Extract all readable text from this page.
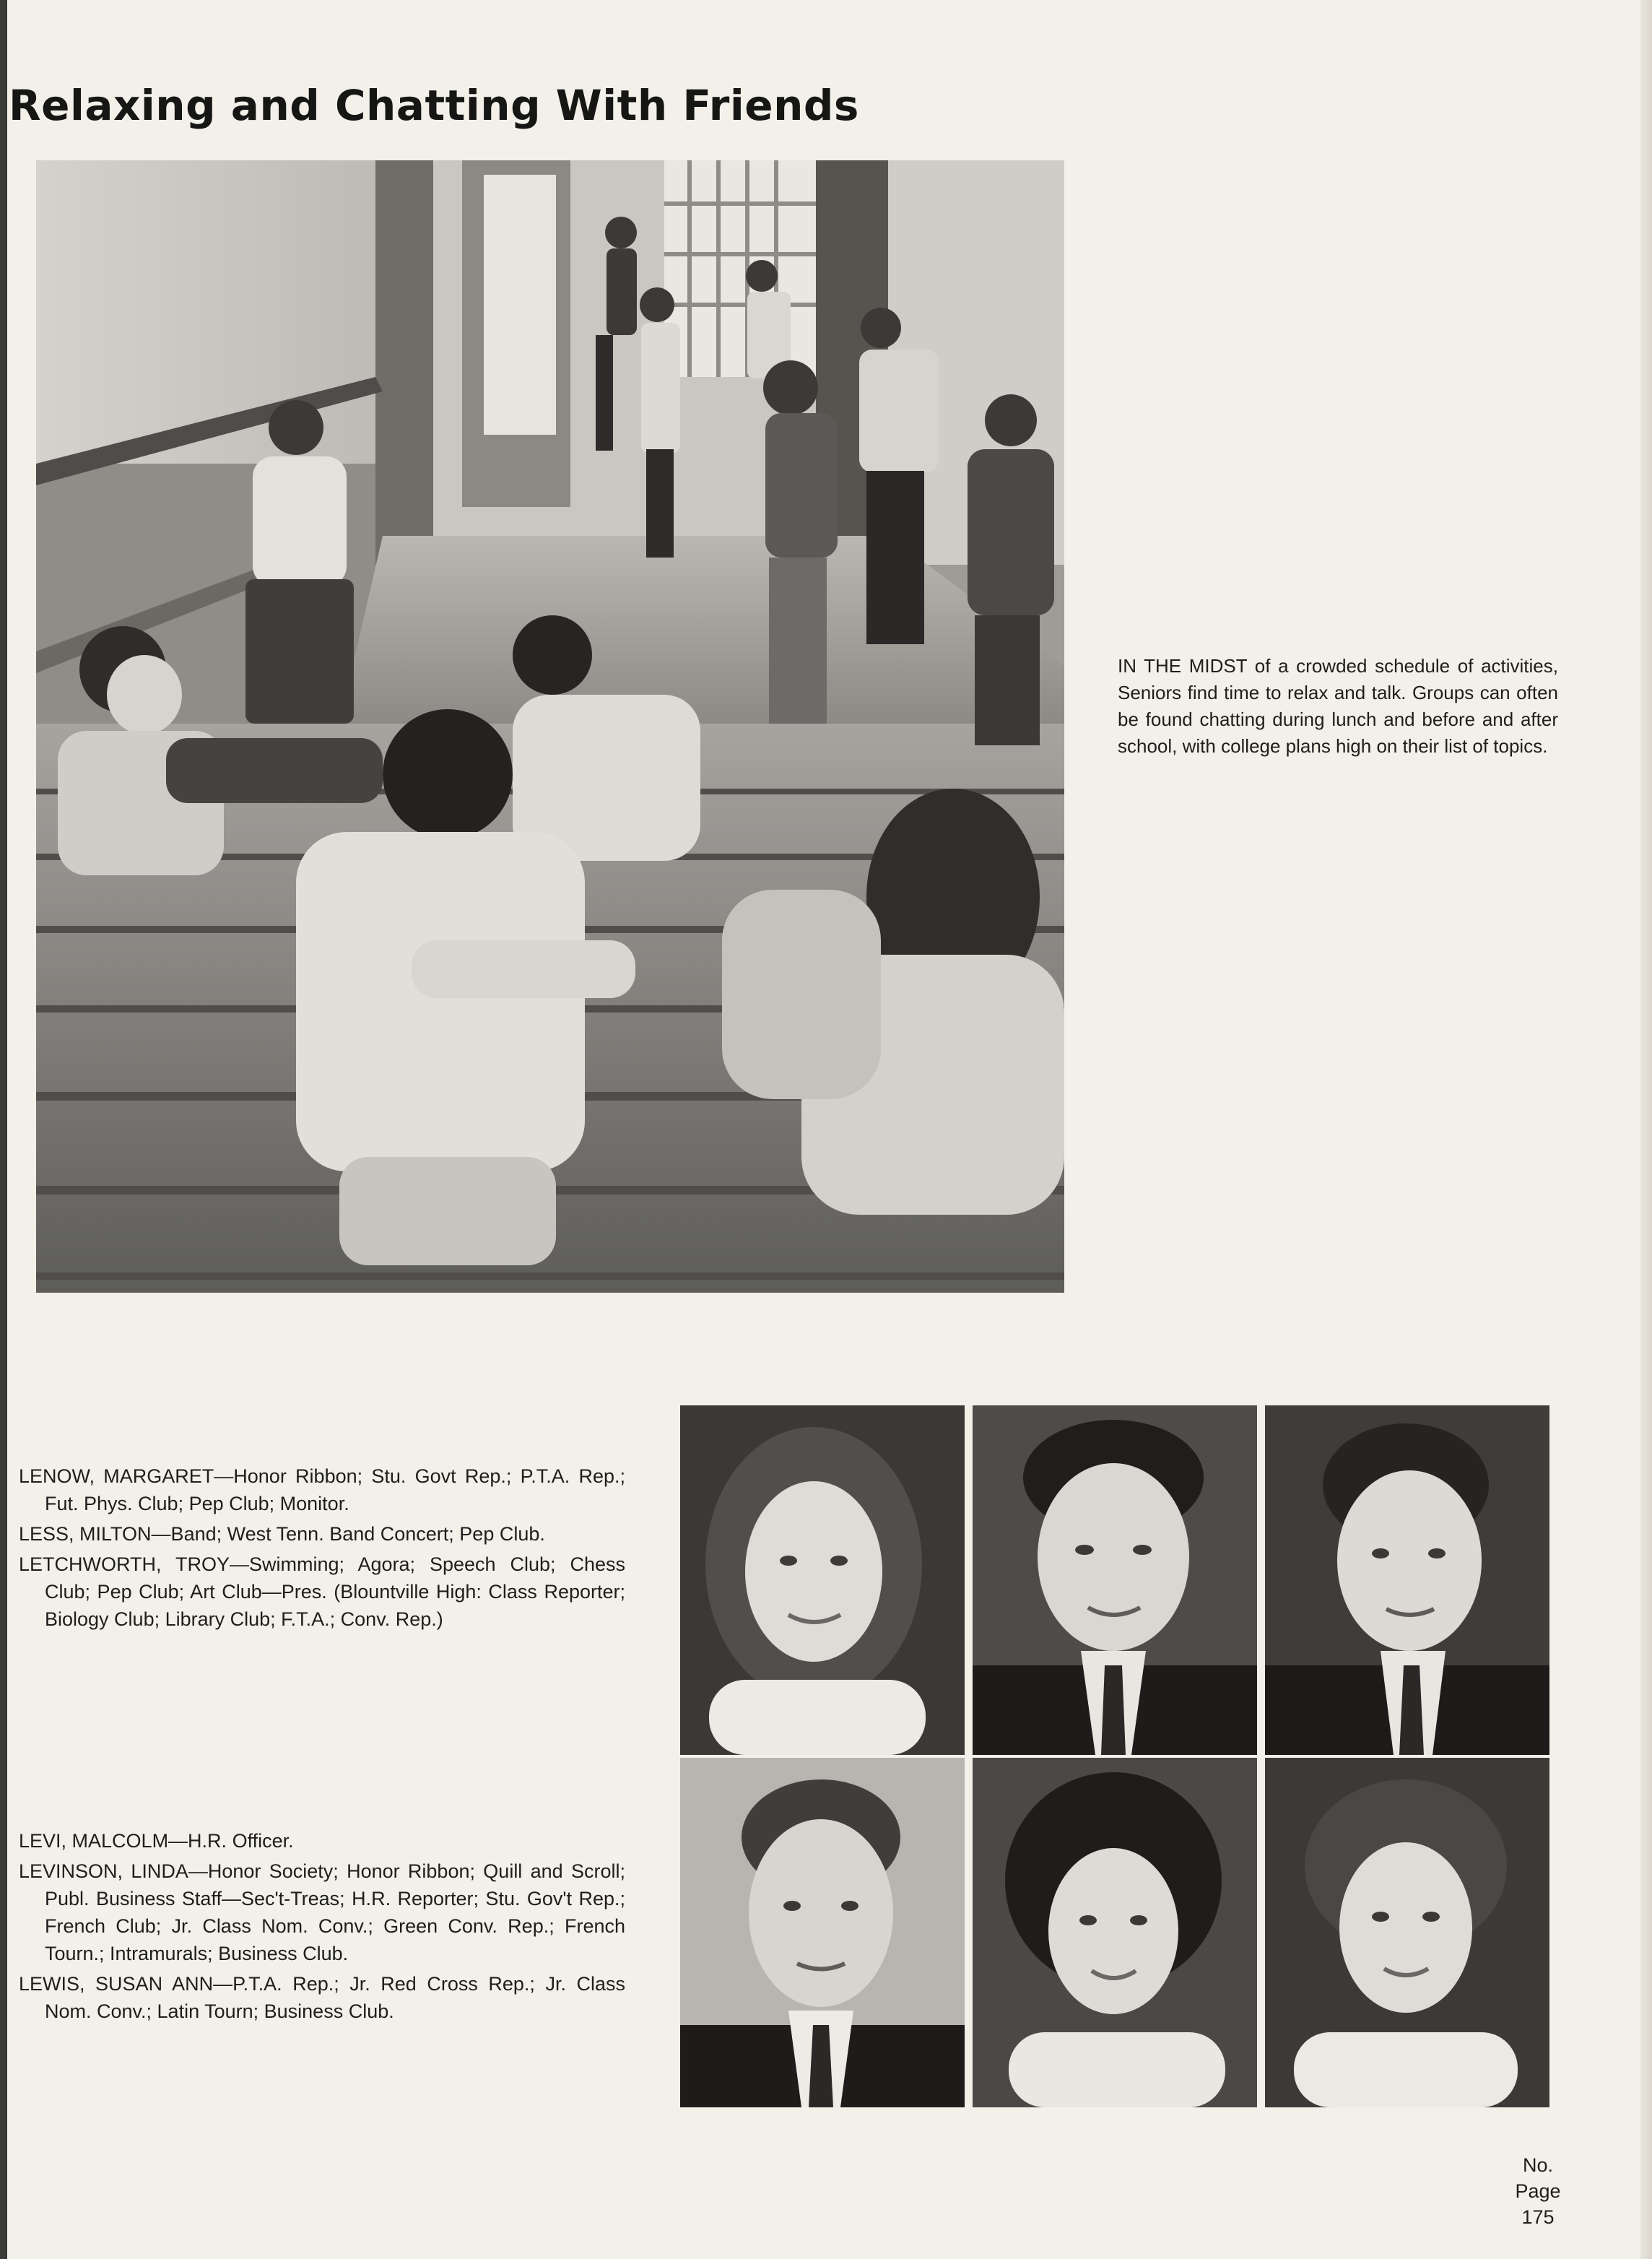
Relaxing and Chatting With Friends
IN THE MIDST of a crowded schedule of activities, Seniors find time to relax and talk. Groups can often be found chatting during lunch and before and after school, with college plans high on their list of topics.

LENOW, MARGARET—Honor Ribbon; Stu. Govt Rep.; P.T.A. Rep.; Fut. Phys. Club; Pep Club; Monitor.

LESS, MILTON—Band; West Tenn. Band Concert; Pep Club.

LETCHWORTH, TROY—Swimming; Agora; Speech Club; Chess Club; Pep Club; Art Club—Pres. (Blountville High: Class Reporter; Biology Club; Library Club; F.T.A.; Conv. Rep.)

LEVI, MALCOLM—H.R. Officer.

LEVINSON, LINDA—Honor Society; Honor Ribbon; Quill and Scroll; Publ. Business Staff—Sec't-Treas; H.R. Reporter; Stu. Gov't Rep.; French Club; Jr. Class Nom. Conv.; Green Conv. Rep.; French Tourn.; Intramurals; Business Club.

LEWIS, SUSAN ANN—P.T.A. Rep.; Jr. Red Cross Rep.; Jr. Class Nom. Conv.; Latin Tourn; Business Club.

No.
Page
175
